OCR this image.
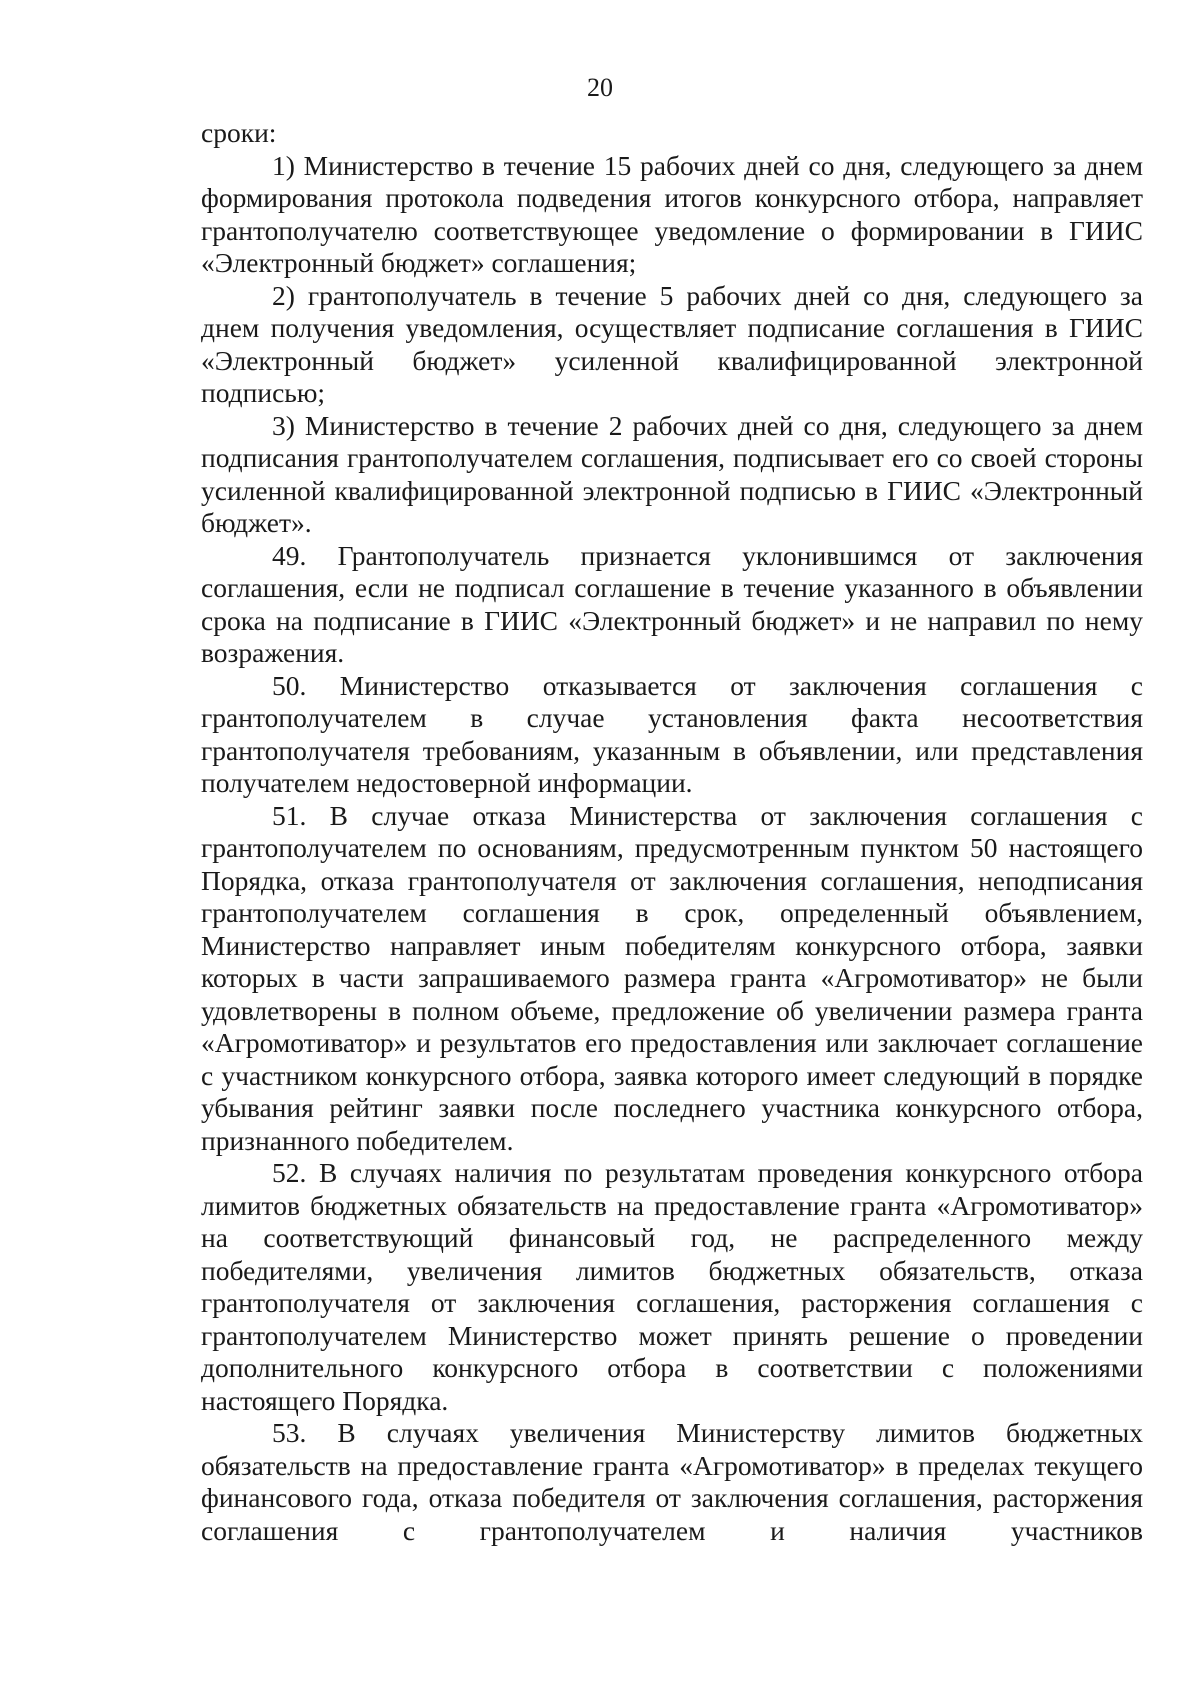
20

сроки:

1) Министерство в течение 15 рабочих дней со дня, следующего за днем формирования протокола подведения итогов конкурсного отбора, направляет грантополучателю соответствующее уведомление о формировании в ГИИС «Электронный бюджет» соглашения;

2) грантополучатель в течение 5 рабочих дней со дня, следующего за днем получения уведомления, осуществляет подписание соглашения в ГИИС «Электронный бюджет» усиленной квалифицированной электронной подписью;

3) Министерство в течение 2 рабочих дней со дня, следующего за днем подписания грантополучателем соглашения, подписывает его со своей стороны усиленной квалифицированной электронной подписью в ГИИС «Электронный бюджет».

49. Грантополучатель признается уклонившимся от заключения соглашения, если не подписал соглашение в течение указанного в объявлении срока на подписание в ГИИС «Электронный бюджет» и не направил по нему возражения.

50. Министерство отказывается от заключения соглашения с грантополучателем в случае установления факта несоответствия грантополучателя требованиям, указанным в объявлении, или представления получателем недостоверной информации.

51. В случае отказа Министерства от заключения соглашения с грантополучателем по основаниям, предусмотренным пунктом 50 настоящего Порядка, отказа грантополучателя от заключения соглашения, неподписания грантополучателем соглашения в срок, определенный объявлением, Министерство направляет иным победителям конкурсного отбора, заявки которых в части запрашиваемого размера гранта «Агромотиватор» не были удовлетворены в полном объеме, предложение об увеличении размера гранта «Агромотиватор» и результатов его предоставления или заключает соглашение с участником конкурсного отбора, заявка которого имеет следующий в порядке убывания рейтинг заявки после последнего участника конкурсного отбора, признанного победителем.

52. В случаях наличия по результатам проведения конкурсного отбора лимитов бюджетных обязательств на предоставление гранта «Агромотиватор» на соответствующий финансовый год, не распределенного между победителями, увеличения лимитов бюджетных обязательств, отказа грантополучателя от заключения соглашения, расторжения соглашения с грантополучателем Министерство может принять решение о проведении дополнительного конкурсного отбора в соответствии с положениями настоящего Порядка.

53. В случаях увеличения Министерству лимитов бюджетных обязательств на предоставление гранта «Агромотиватор» в пределах текущего финансового года, отказа победителя от заключения соглашения, расторжения соглашения с грантополучателем и наличия участников
